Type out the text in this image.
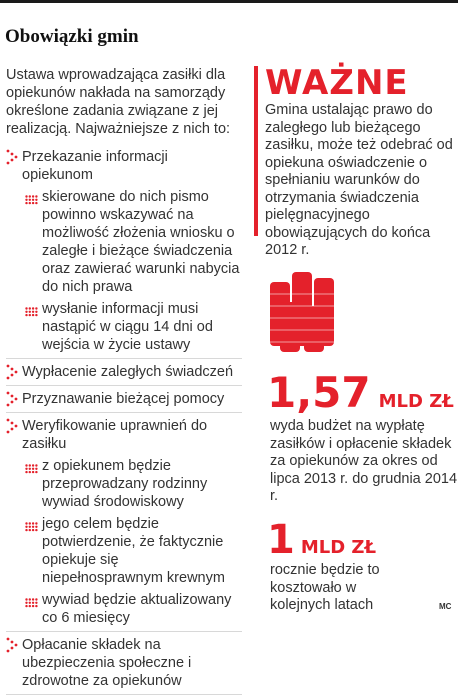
Obowiązki gmin

Ustawa wprowadzająca zasiłki dla opiekunów nakłada na samorządy określone zadania związane z jej realizacją. Najważniejsze z nich to:

Przekazanie informacji opiekunom
skierowane do nich pismo powinno wskazywać na możliwość złożenia wniosku o zaległe i bieżące świadczenia oraz zawierać warunki nabycia do nich prawa
wysłanie informacji musi nastąpić w ciągu 14 dni od wejścia w życie ustawy
Wypłacenie zaległych świadczeń
Przyznawanie bieżącej pomocy
Weryfikowanie uprawnień do zasiłku
z opiekunem będzie przeprowadzany rodzinny wywiad środowiskowy
jego celem będzie potwierdzenie, że faktycznie opiekuje się niepełnosprawnym krewnym
wywiad będzie aktualizowany co 6 miesięcy
Opłacanie składek na ubezpieczenia społeczne i zdrowotne za opiekunów
WAŻNE
Gmina ustalając prawo do zaległego lub bieżącego zasiłku, może też odebrać od opiekuna oświadczenie o spełnianiu warunków do otrzymania świadczenia pielęgnacyjnego obowiązujących do końca 2012 r.
1,57 MLD ZŁ
wyda budżet na wypłatę zasiłków i opłacenie składek za opiekunów za okres od lipca 2013 r. do grudnia 2014 r.
1 MLD ZŁ
rocznie będzie to kosztowało w kolejnych latach	MC
